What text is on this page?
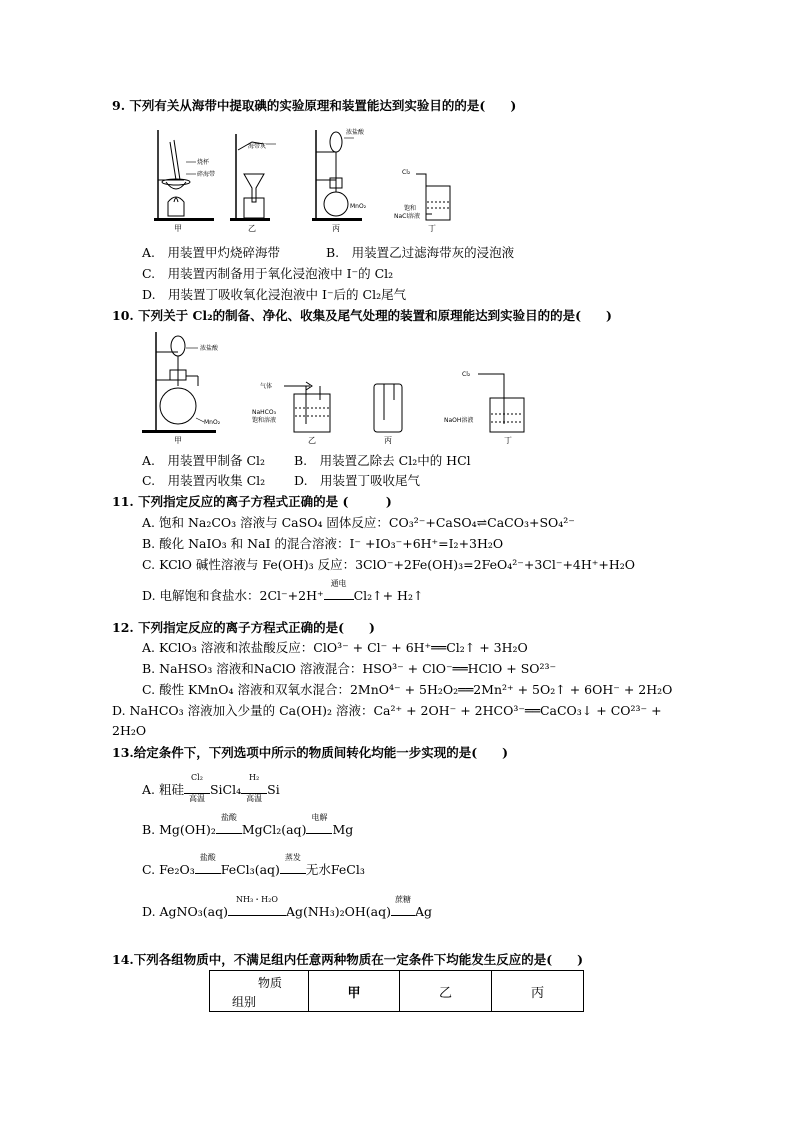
9. 下列有关从海带中提取碘的实验原理和装置能达到实验目的的是(　　)
烧杯
碎海带
甲
海带灰
乙
浓盐酸
MnO₂
丙
Cl₂
饱和
NaCl溶液
丁
A.　用装置甲灼烧碎海带	B.　用装置乙过滤海带灰的浸泡液
C.　用装置丙制备用于氧化浸泡液中 I⁻的 Cl₂
D.　用装置丁吸收氧化浸泡液中 I⁻后的 Cl₂尾气
10. 下列关于 Cl₂的制备、净化、收集及尾气处理的装置和原理能达到实验目的的是(　　)
浓盐酸
MnO₂
甲
气体
NaHCO₃
饱和溶液
乙	丙
Cl₂
NaOH溶液
丁
A.　用装置甲制备 Cl₂ B.　用装置乙除去 Cl₂中的 HCl
C.　用装置丙收集 Cl₂ D.　用装置丁吸收尾气
11. 下列指定反应的离子方程式正确的是 (　　　)
A. 饱和 Na₂CO₃ 溶液与 CaSO₄ 固体反应：CO₃²⁻+CaSO₄⇌CaCO₃+SO₄²⁻
B. 酸化 NaIO₃ 和 NaI 的混合溶液：I⁻ +IO₃⁻+6H⁺=I₂+3H₂O
C. KClO 碱性溶液与 Fe(OH)₃ 反应：3ClO⁻+2Fe(OH)₃=2FeO₄²⁻+3Cl⁻+4H⁺+H₂O
D. 电解饱和食盐水：2Cl⁻+2H⁺
通电
Cl₂↑+ H₂↑
12. 下列指定反应的离子方程式正确的是(　　)
A. KClO₃ 溶液和浓盐酸反应：ClO³⁻ + Cl⁻ + 6H⁺══Cl₂↑ + 3H₂O
B. NaHSO₃ 溶液和NaClO 溶液混合：HSO³⁻ + ClO⁻══HClO + SO²³⁻
C. 酸性 KMnO₄ 溶液和双氧水混合：2MnO⁴⁻ + 5H₂O₂══2Mn²⁺ + 5O₂↑ + 6OH⁻ + 2H₂O
D. NaHCO₃ 溶液加入少量的 Ca(OH)₂ 溶液：Ca²⁺ + 2OH⁻ + 2HCO³⁻══CaCO₃↓ + CO²³⁻ +
2H₂O
13.给定条件下，下列选项中所示的物质间转化均能一步实现的是(　　)
A. 粗硅
Cl₂
高温
SiCl₄
H₂
高温
Si
B. Mg(OH)₂
盐酸
MgCl₂(aq)
电解
Mg
C. Fe₂O₃
盐酸
FeCl₃(aq)
蒸发
无水FeCl₃
D. AgNO₃(aq)
NH₃・H₂O
Ag(NH₃)₂OH(aq)
蔗糖
Ag
14.下列各组物质中，不满足组内任意两种物质在一定条件下均能发生反应的是(　　)
物质
组别
	甲	乙	丙
